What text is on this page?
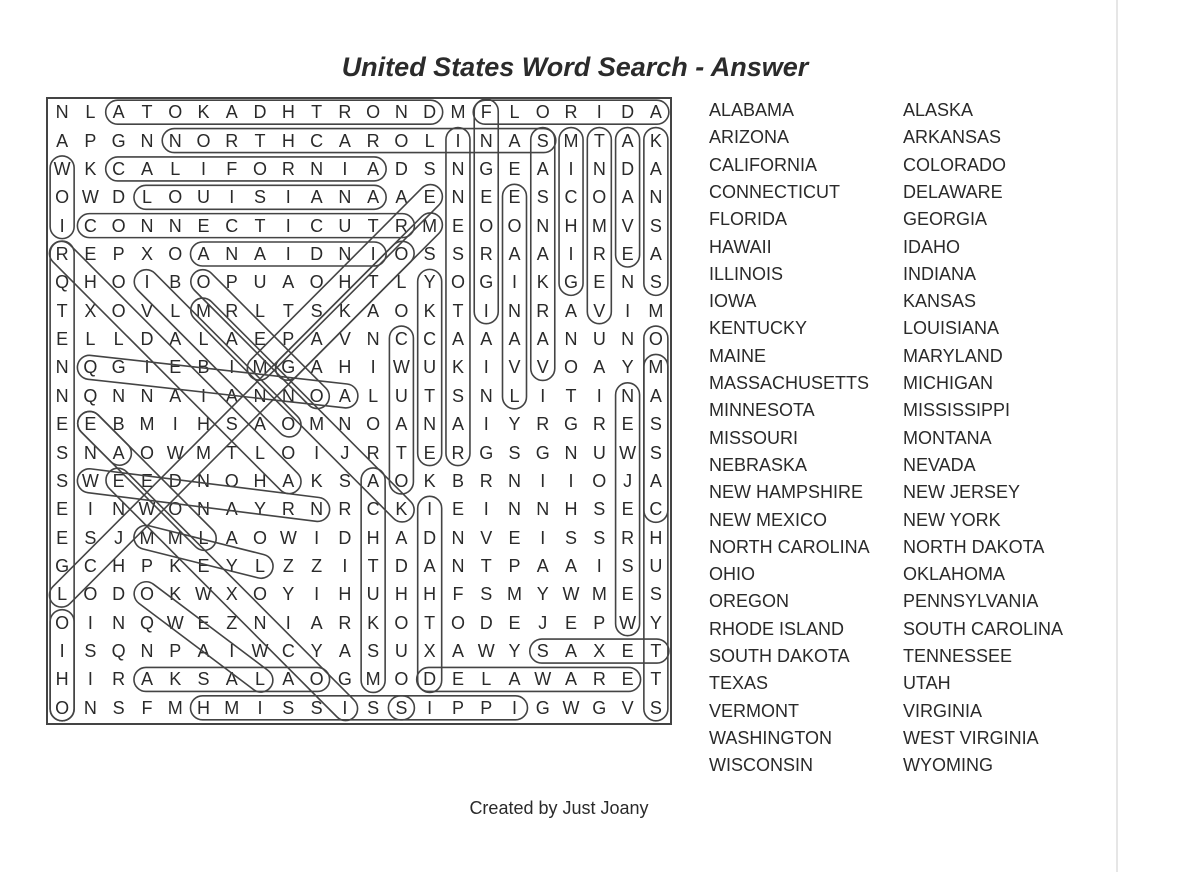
United States Word Search - Answer
N L A T O K A D H T R O N D M F L O R	I	D A
A P G N N O R T H C A R O L	I	N A S M T A K
W K C A L	I	F O R N	I	A D S N G E A	I	N D A
O W D L O U	I	S	I	A N A A E N E E S C O A N
I	C O N N E C T	I	C U T R M E O O N H M V S
R E P X O A N A	I	D N	I	O S S R A A	I	R E A
Q H O	I	B O P U A O H T L Y O G	I	K G E N S
T X O V L M R L T S K A O K T	I	N R A V	I	M
E L	L D A L A E P A V N C C A A A A N U N O
N Q G	I	E B	I	M G A H	I W U K	I	V V O A Y M
N Q N N A	I	A N N O A L U T S N L	I	T	I	N A
E E B M	I	H S A O M N O A N A	I	Y R G R E S
S N A O W M T L O	I	J R T E R G S G N U W S
S W E E D N O H A K S A O K B R N	I	I	O J A
E	I	N W O N A Y R N R C K	I	E	I	N N H S E C
E S J M M L A O W I	D H A D N V E	I	S S R H
G C H P K E Y L Z Z	I	T D A N T P A A	I	S U
L O D O K W X O Y	I	H U H H F S M Y W M E S
O	I	N Q W E Z N	I	A R K O T O D E J E P W Y
I	S Q N P A	I W C Y A S U X A W Y S A X E T
H	I	R A K S A L A O G M O D E L A W A R E T
O N S F M H M	I	S S	I	S S	I	P P	I	G W G V S
ALABAMA
ARIZONA
CALIFORNIA
CONNECTICUT
FLORIDA
HAWAII
ILLINOIS
IOWA
KENTUCKY
MAINE
MASSACHUSETTS
MINNESOTA
MISSOURI
NEBRASKA
NEW HAMPSHIRE
NEW MEXICO
NORTH CAROLINA
OHIO
OREGON
RHODE ISLAND
SOUTH DAKOTA
TEXAS
VERMONT
WASHINGTON
WISCONSIN
ALASKA
ARKANSAS
COLORADO
DELAWARE
GEORGIA
IDAHO
INDIANA
KANSAS
LOUISIANA
MARYLAND
MICHIGAN
MISSISSIPPI
MONTANA
NEVADA
NEW JERSEY
NEW YORK
NORTH DAKOTA
OKLAHOMA
PENNSYLVANIA
SOUTH CAROLINA
TENNESSEE
UTAH
VIRGINIA
WEST VIRGINIA
WYOMING
Created by Just Joany
